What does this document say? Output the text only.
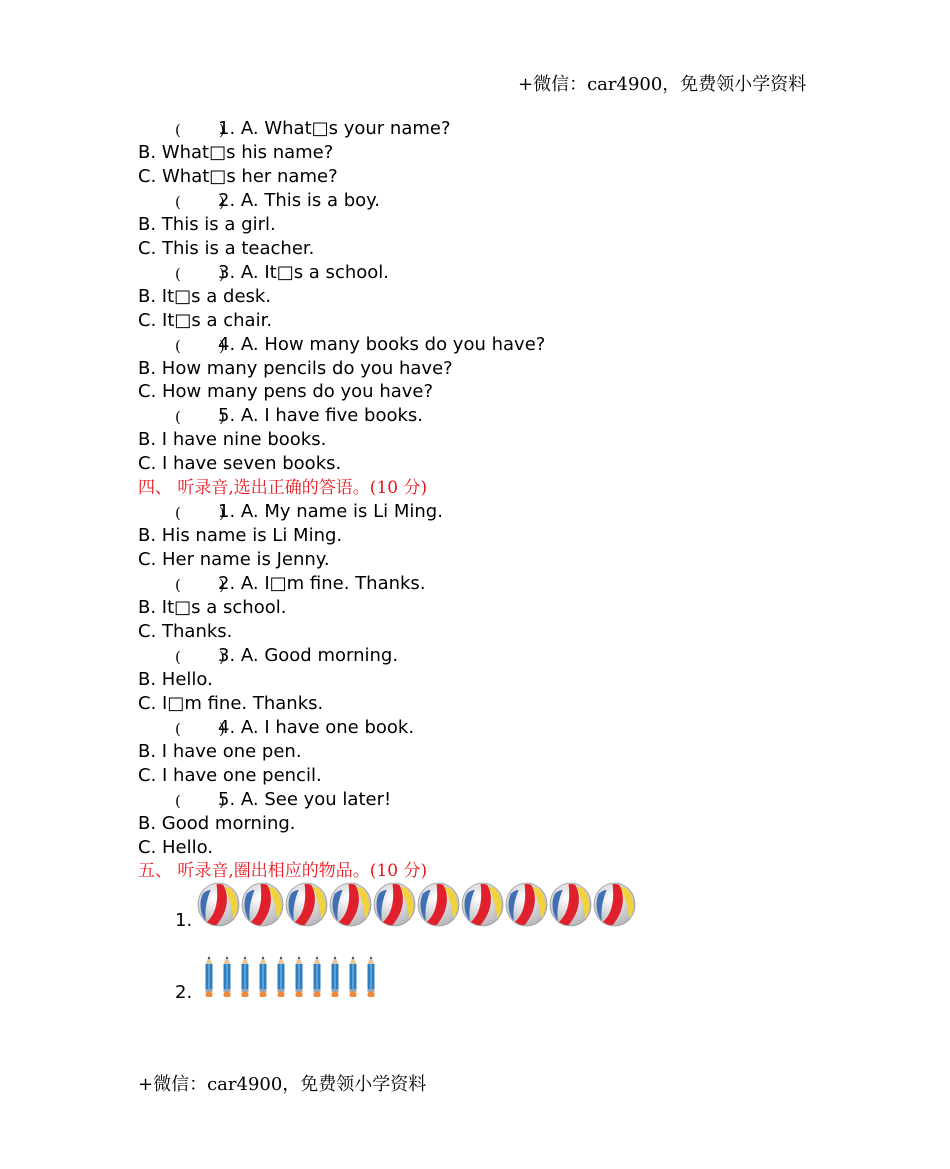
+微信：car4900，免费领小学资料
(        )
1. A. What□s your name?
B. What□s his name?
C. What□s her name?
(        )
2. A. This is a boy.
B. This is a girl.
C. This is a teacher.
(        )
3. A. It□s a school.
B. It□s a desk.
C. It□s a chair.
(        )
4. A. How many books do you have?
B. How many pencils do you have?
C. How many pens do you have?
(        )
5. A. I have five books.
B. I have nine books.
C. I have seven books.
四、 听录音,选出正确的答语。(10 分)
(        )
1. A. My name is Li Ming.
B. His name is Li Ming.
C. Her name is Jenny.
(        )
2. A. I□m fine. Thanks.
B. It□s a school.
C. Thanks.
(        )
3. A. Good morning.
B. Hello.
C. I□m fine. Thanks.
(        )
4. A. I have one book.
B. I have one pen.
C. I have one pencil.
(        )
5. A. See you later!
B. Good morning.
C. Hello.
五、 听录音,圈出相应的物品。(10 分)
1.
2.
+微信：car4900，免费领小学资料
